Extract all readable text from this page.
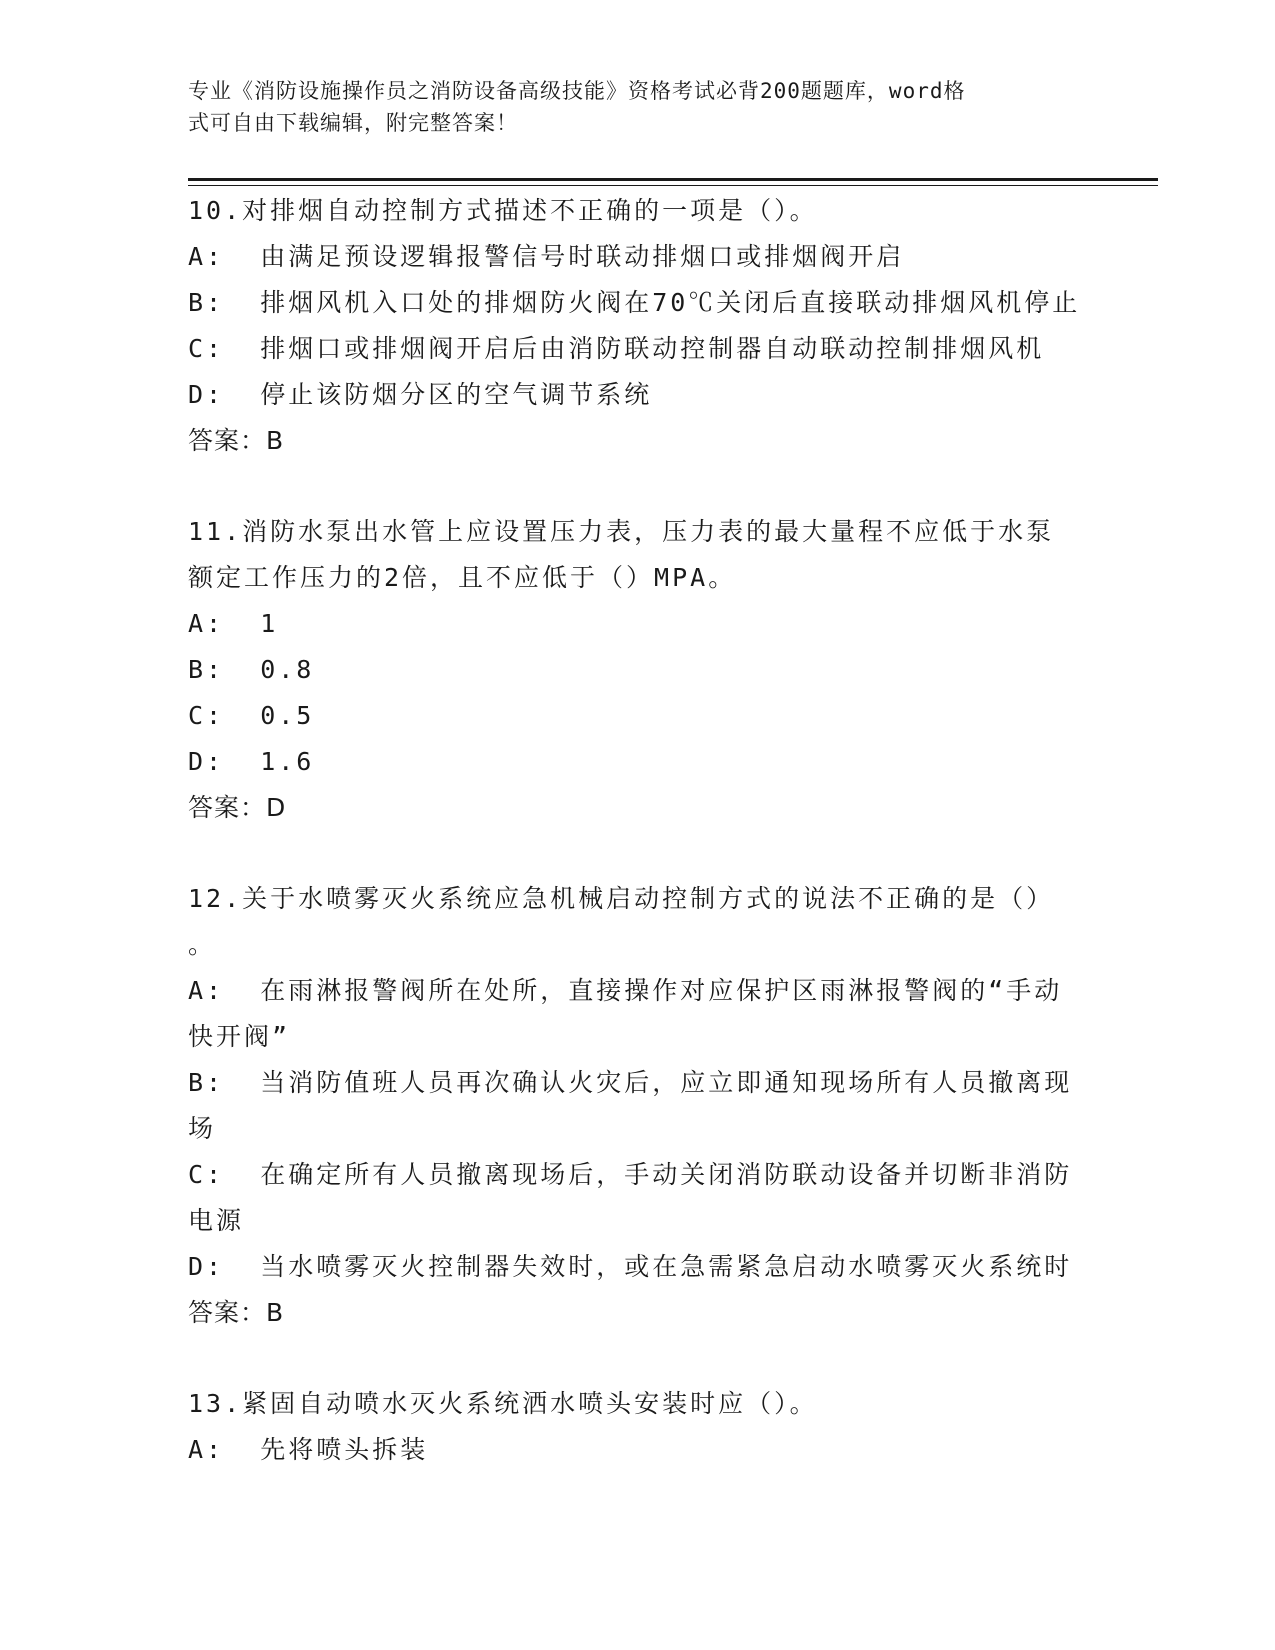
专业《消防设施操作员之消防设备高级技能》资格考试必背200题题库，word格
式可自由下载编辑，附完整答案！
10.对排烟自动控制方式描述不正确的一项是（）。
A:  由满足预设逻辑报警信号时联动排烟口或排烟阀开启
B:  排烟风机入口处的排烟防火阀在70℃关闭后直接联动排烟风机停止
C:  排烟口或排烟阀开启后由消防联动控制器自动联动控制排烟风机
D:  停止该防烟分区的空气调节系统
答案：B
11.消防水泵出水管上应设置压力表，压力表的最大量程不应低于水泵
额定工作压力的2倍，且不应低于（）MPA。
A:  1
B:  0.8
C:  0.5
D:  1.6
答案：D
12.关于水喷雾灭火系统应急机械启动控制方式的说法不正确的是（）
。
A:  在雨淋报警阀所在处所，直接操作对应保护区雨淋报警阀的“手动
快开阀”
B:  当消防值班人员再次确认火灾后，应立即通知现场所有人员撤离现
场
C:  在确定所有人员撤离现场后，手动关闭消防联动设备并切断非消防
电源
D:  当水喷雾灭火控制器失效时，或在急需紧急启动水喷雾灭火系统时
答案：B
13.紧固自动喷水灭火系统洒水喷头安装时应（）。
A:  先将喷头拆装
